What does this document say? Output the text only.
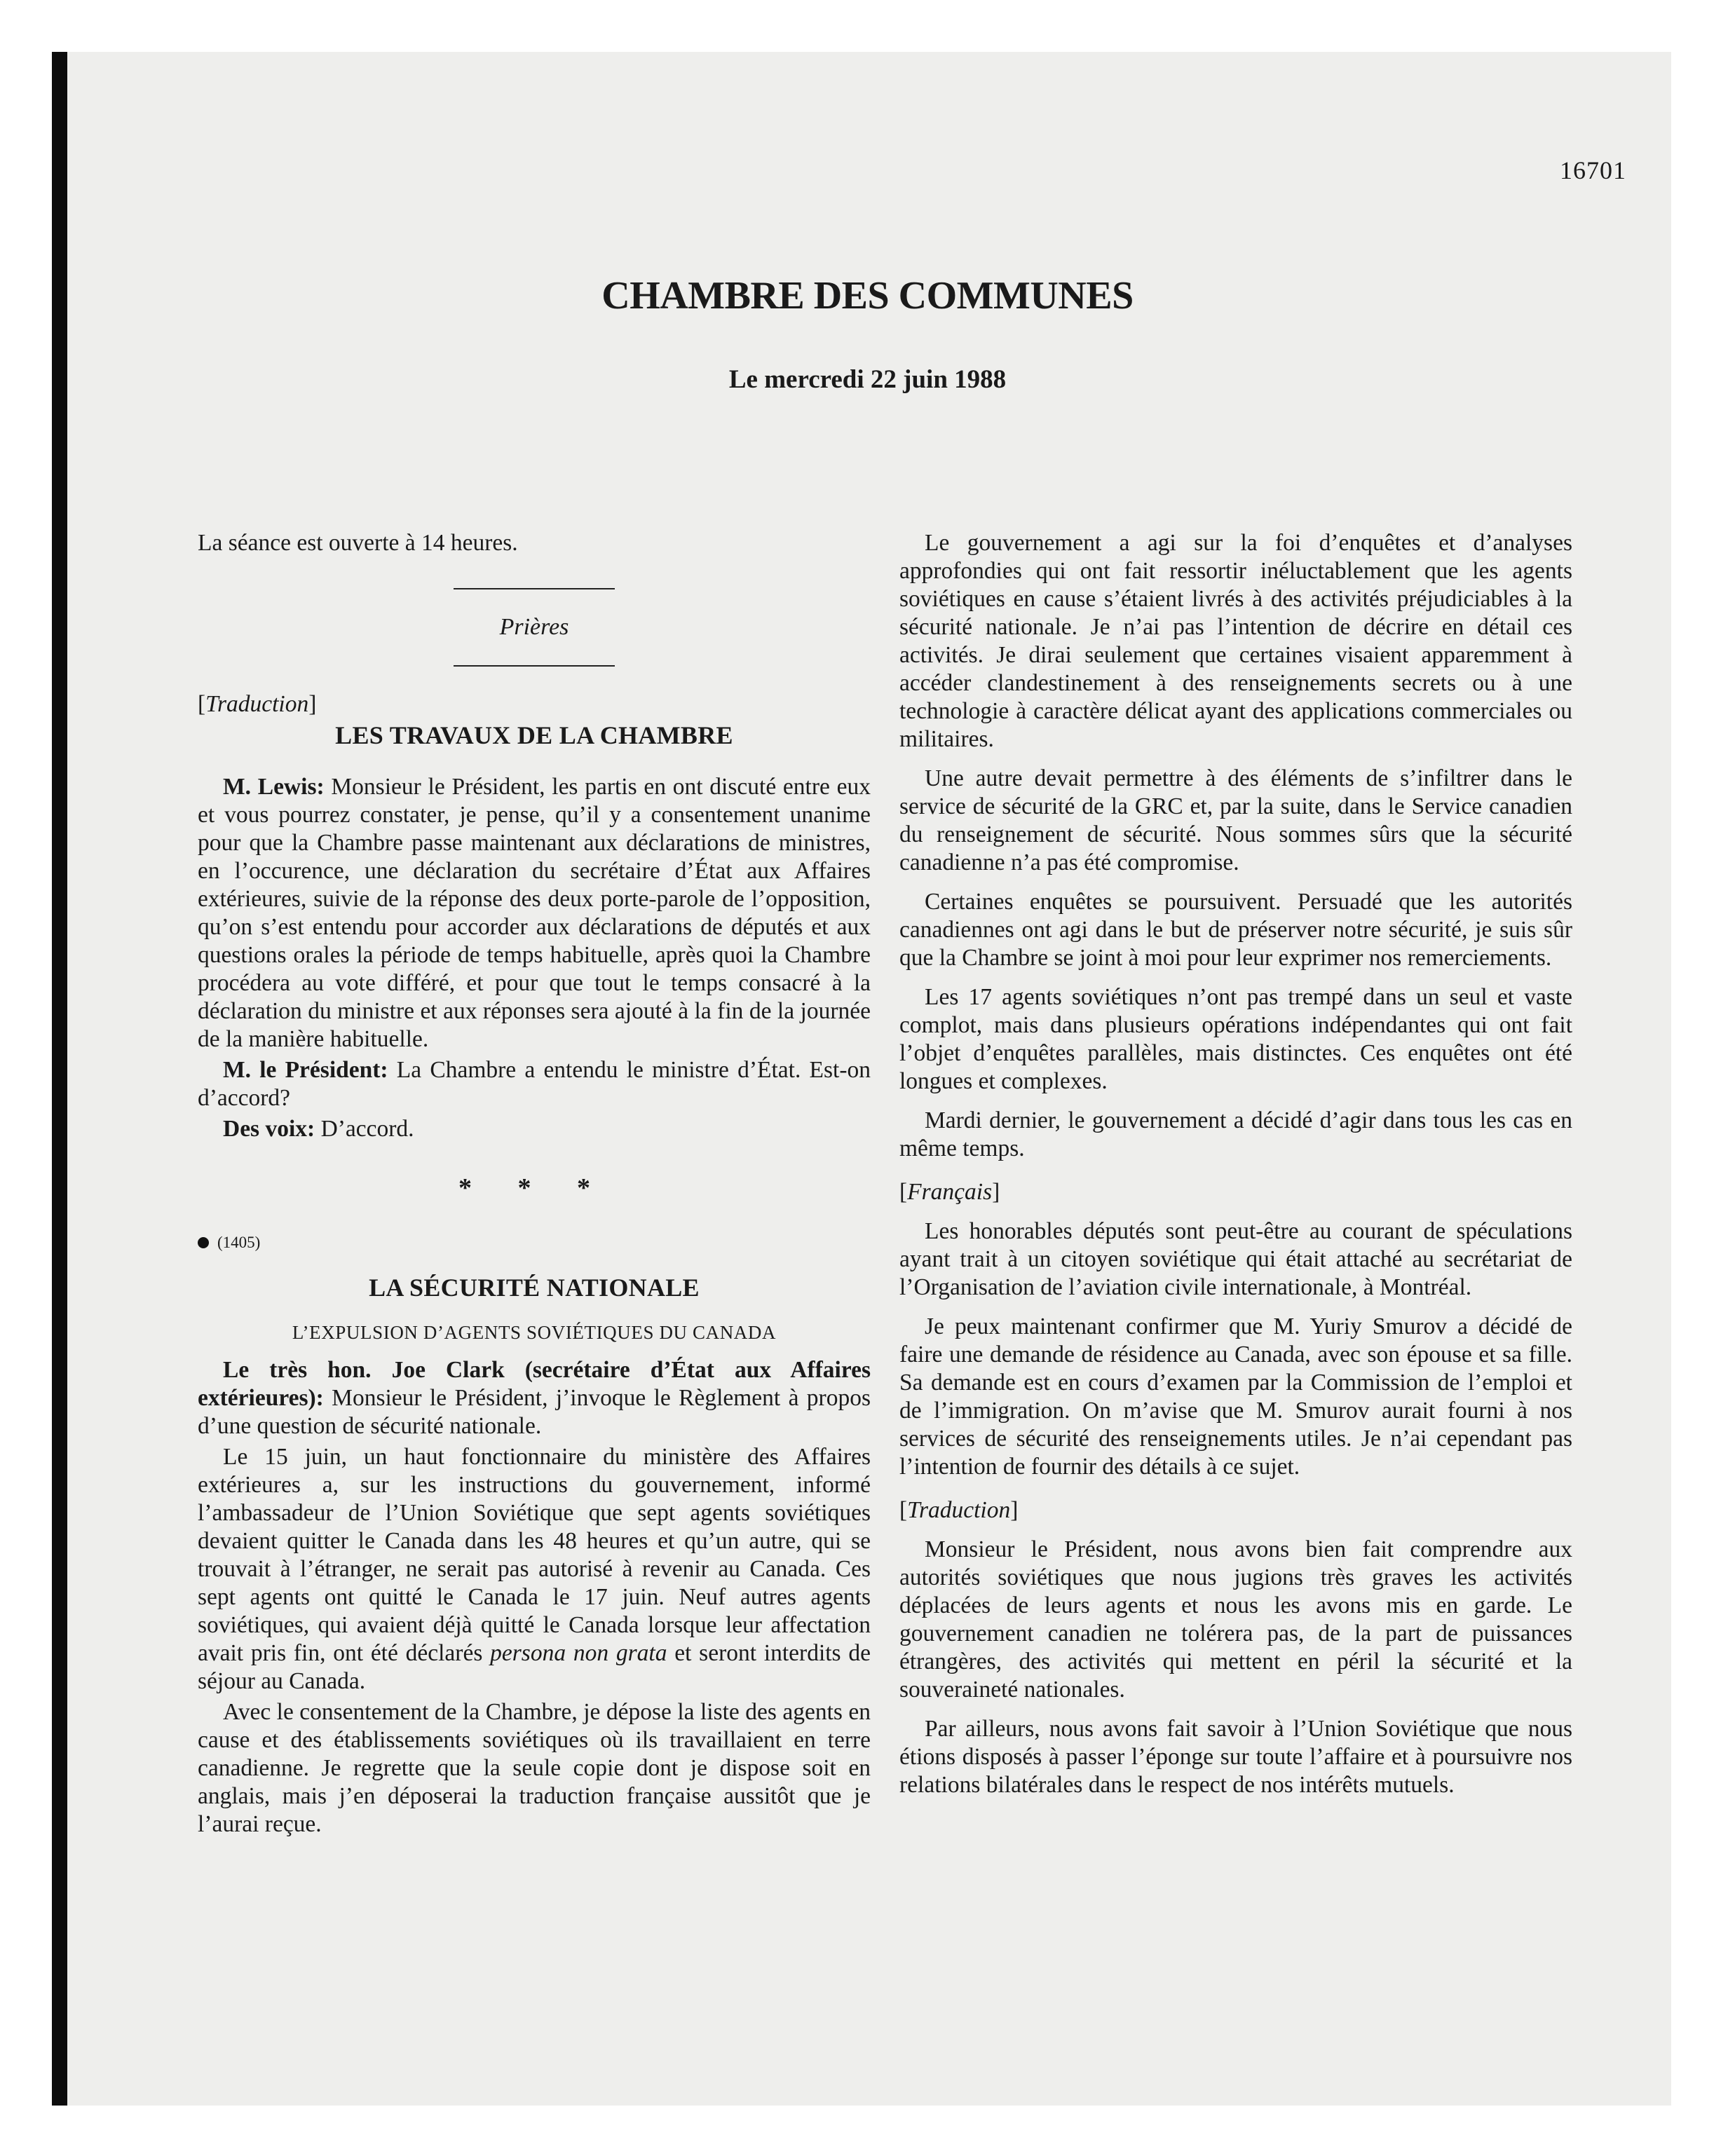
16701
CHAMBRE DES COMMUNES
Le mercredi 22 juin 1988

La séance est ouverte à 14 heures.

Prières
[Traduction]
LES TRAVAUX DE LA CHAMBRE

M. Lewis: Monsieur le Président, les partis en ont discuté entre eux et vous pourrez constater, je pense, qu’il y a consentement unanime pour que la Chambre passe maintenant aux déclarations de ministres, en l’occurence, une déclaration du secrétaire d’État aux Affaires extérieures, suivie de la réponse des deux porte-parole de l’opposition, qu’on s’est entendu pour accorder aux déclarations de députés et aux questions orales la période de temps habituelle, après quoi la Chambre procédera au vote différé, et pour que tout le temps consacré à la déclaration du ministre et aux réponses sera ajouté à la fin de la journée de la manière habituelle.

M. le Président: La Chambre a entendu le ministre d’État. Est-on d’accord?

Des voix: D’accord.

* * *
(1405)
LA SÉCURITÉ NATIONALE
L’EXPULSION D’AGENTS SOVIÉTIQUES DU CANADA

Le très hon. Joe Clark (secrétaire d’État aux Affaires extérieures): Monsieur le Président, j’invoque le Règlement à propos d’une question de sécurité nationale.

Le 15 juin, un haut fonctionnaire du ministère des Affaires extérieures a, sur les instructions du gouvernement, informé l’ambassadeur de l’Union Soviétique que sept agents soviétiques devaient quitter le Canada dans les 48 heures et qu’un autre, qui se trouvait à l’étranger, ne serait pas autorisé à revenir au Canada. Ces sept agents ont quitté le Canada le 17 juin. Neuf autres agents soviétiques, qui avaient déjà quitté le Canada lorsque leur affectation avait pris fin, ont été déclarés persona non grata et seront interdits de séjour au Canada.

Avec le consentement de la Chambre, je dépose la liste des agents en cause et des établissements soviétiques où ils travaillaient en terre canadienne. Je regrette que la seule copie dont je dispose soit en anglais, mais j’en déposerai la traduction française aussitôt que je l’aurai reçue.

Le gouvernement a agi sur la foi d’enquêtes et d’analyses approfondies qui ont fait ressortir inéluctablement que les agents soviétiques en cause s’étaient livrés à des activités préjudiciables à la sécurité nationale. Je n’ai pas l’intention de décrire en détail ces activités. Je dirai seulement que certaines visaient apparemment à accéder clandestinement à des renseignements secrets ou à une technologie à caractère délicat ayant des applications commerciales ou militaires.

Une autre devait permettre à des éléments de s’infiltrer dans le service de sécurité de la GRC et, par la suite, dans le Service canadien du renseignement de sécurité. Nous sommes sûrs que la sécurité canadienne n’a pas été compromise.

Certaines enquêtes se poursuivent. Persuadé que les autorités canadiennes ont agi dans le but de préserver notre sécurité, je suis sûr que la Chambre se joint à moi pour leur exprimer nos remerciements.

Les 17 agents soviétiques n’ont pas trempé dans un seul et vaste complot, mais dans plusieurs opérations indépendantes qui ont fait l’objet d’enquêtes parallèles, mais distinctes. Ces enquêtes ont été longues et complexes.

Mardi dernier, le gouvernement a décidé d’agir dans tous les cas en même temps.

[Français]

Les honorables députés sont peut-être au courant de spéculations ayant trait à un citoyen soviétique qui était attaché au secrétariat de l’Organisation de l’aviation civile internationale, à Montréal.

Je peux maintenant confirmer que M. Yuriy Smurov a décidé de faire une demande de résidence au Canada, avec son épouse et sa fille. Sa demande est en cours d’examen par la Commission de l’emploi et de l’immigration. On m’avise que M. Smurov aurait fourni à nos services de sécurité des renseignements utiles. Je n’ai cependant pas l’intention de fournir des détails à ce sujet.

[Traduction]

Monsieur le Président, nous avons bien fait comprendre aux autorités soviétiques que nous jugions très graves les activités déplacées de leurs agents et nous les avons mis en garde. Le gouvernement canadien ne tolérera pas, de la part de puissances étrangères, des activités qui mettent en péril la sécurité et la souveraineté nationales.

Par ailleurs, nous avons fait savoir à l’Union Soviétique que nous étions disposés à passer l’éponge sur toute l’affaire et à poursuivre nos relations bilatérales dans le respect de nos intérêts mutuels.
